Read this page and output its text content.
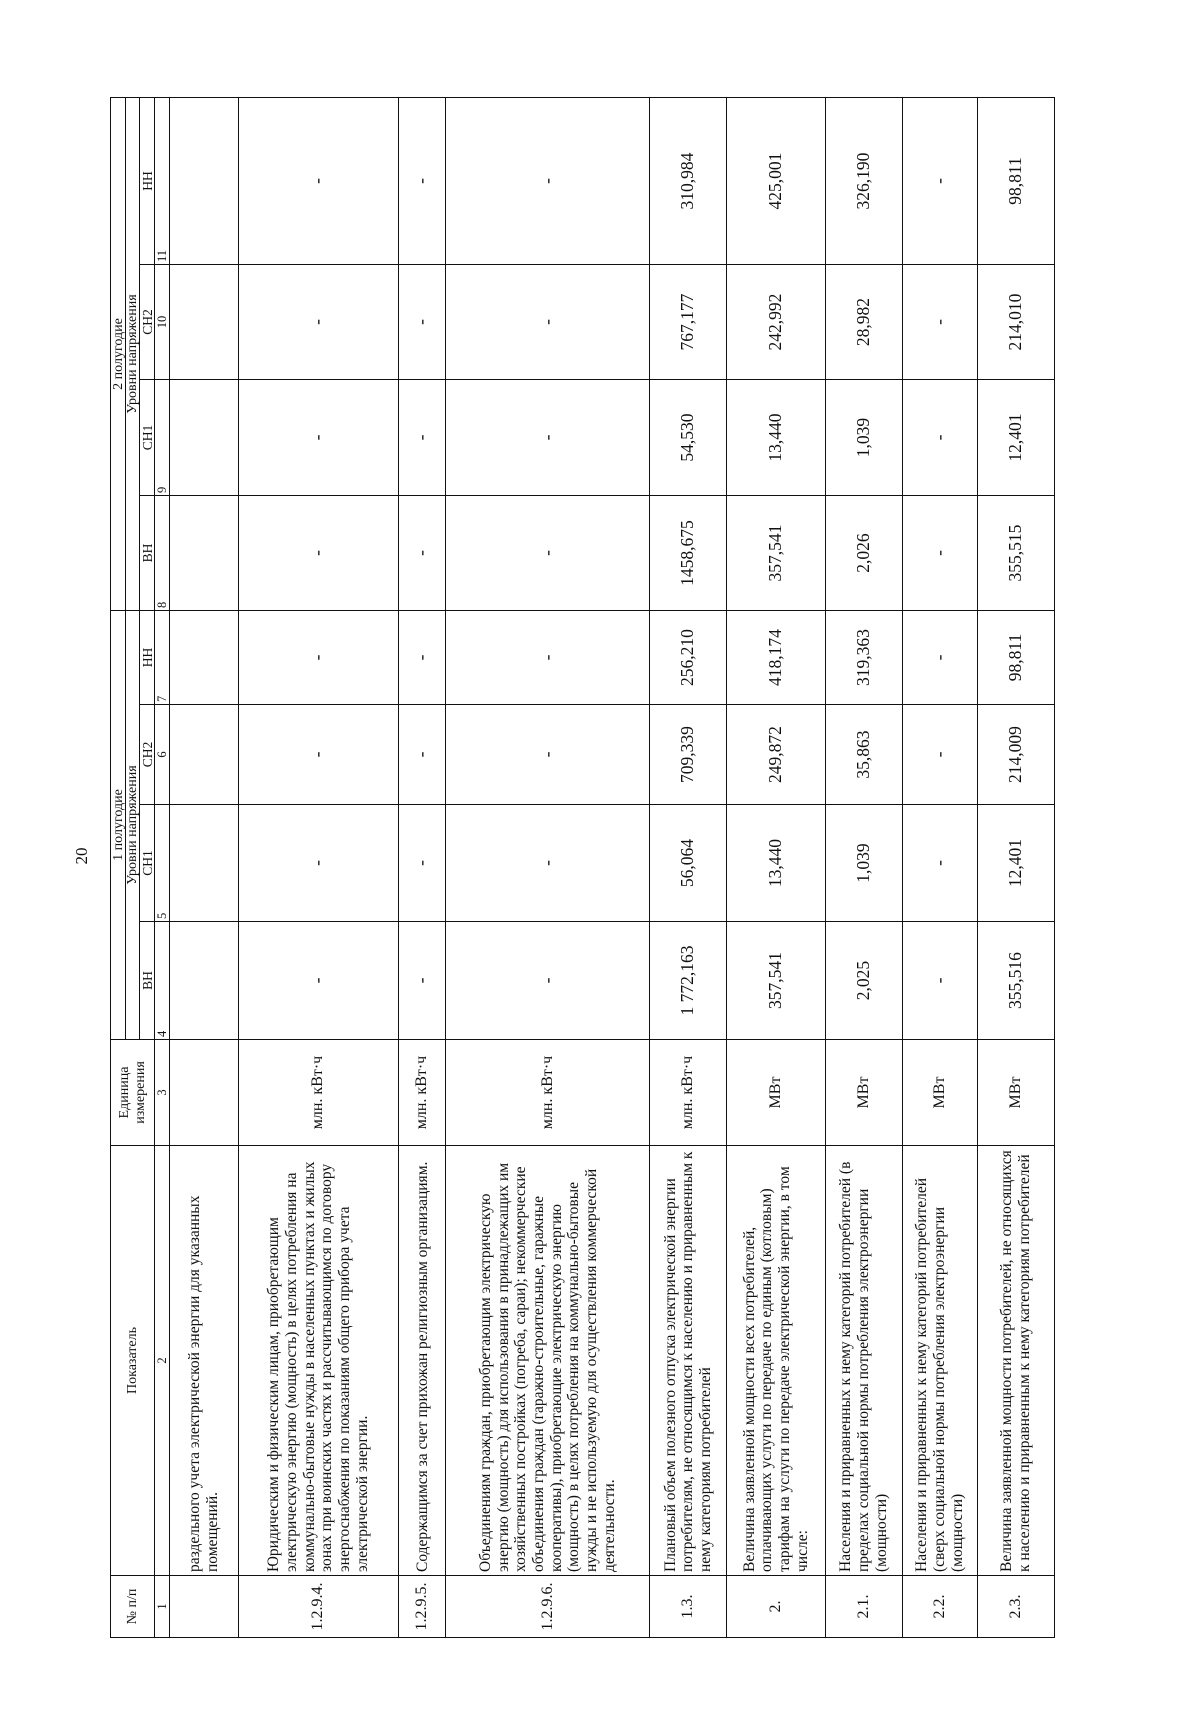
20
№ п/п	Показатель	Единица измерения	1 полугодие				2 полугодие			
			Уровни напряжения				Уровни напряжения			
			ВН	СН1	СН2	НН	ВН	СН1	СН2	НН
1	2	3	4	5	6	7	8	9	10	11
	раздельного учета электрической энергии для указанных помещений.									
1.2.9.4.	Юридическим и физическим лицам, приобретающим электрическую энергию (мощность) в целях потребления на коммунально-бытовые нужды в населенных пунктах и жилых зонах при воинских частях и рассчитывающимся по договору энергоснабжения по показаниям общего прибора учета электрической энергии.	млн. кВт·ч	-	-	-	-	-	-	-	-
1.2.9.5.	Содержащимся за счет прихожан религиозным организациям.	млн. кВт·ч	-	-	-	-	-	-	-	-
1.2.9.6.	Объединениям граждан, приобретающим электрическую энергию (мощность) для использования в принадлежащих им хозяйственных постройках (погреба, сараи); некоммерческие объединения граждан (гаражно-строительные, гаражные кооперативы), приобретающие электрическую энергию (мощность) в целях потребления на коммунально-бытовые нужды и не используемую для осуществления коммерческой деятельности.	млн. кВт·ч	-	-	-	-	-	-	-	-
1.3.	Плановый объем полезного отпуска электрической энергии потребителям, не относящимся к населению и приравненным к нему категориям потребителей	млн. кВт·ч	1 772,163	56,064	709,339	256,210	1458,675	54,530	767,177	310,984
2.	Величина заявленной мощности всех потребителей, оплачивающих услуги по передаче по единым (котловым) тарифам на услуги по передаче электрической энергии, в том числе:	МВт	357,541	13,440	249,872	418,174	357,541	13,440	242,992	425,001
2.1.	Населения и приравненных к нему категорий потребителей (в пределах социальной нормы потребления электроэнергии (мощности)	МВт	2,025	1,039	35,863	319,363	2,026	1,039	28,982	326,190
2.2.	Населения и приравненных к нему категорий потребителей (сверх социальной нормы потребления электроэнергии (мощности)	МВт	-	-	-	-	-	-	-	-
2.3.	Величина заявленной мощности потребителей, не относящихся к населению и приравненным к нему категориям потребителей	МВт	355,516	12,401	214,009	98,811	355,515	12,401	214,010	98,811
